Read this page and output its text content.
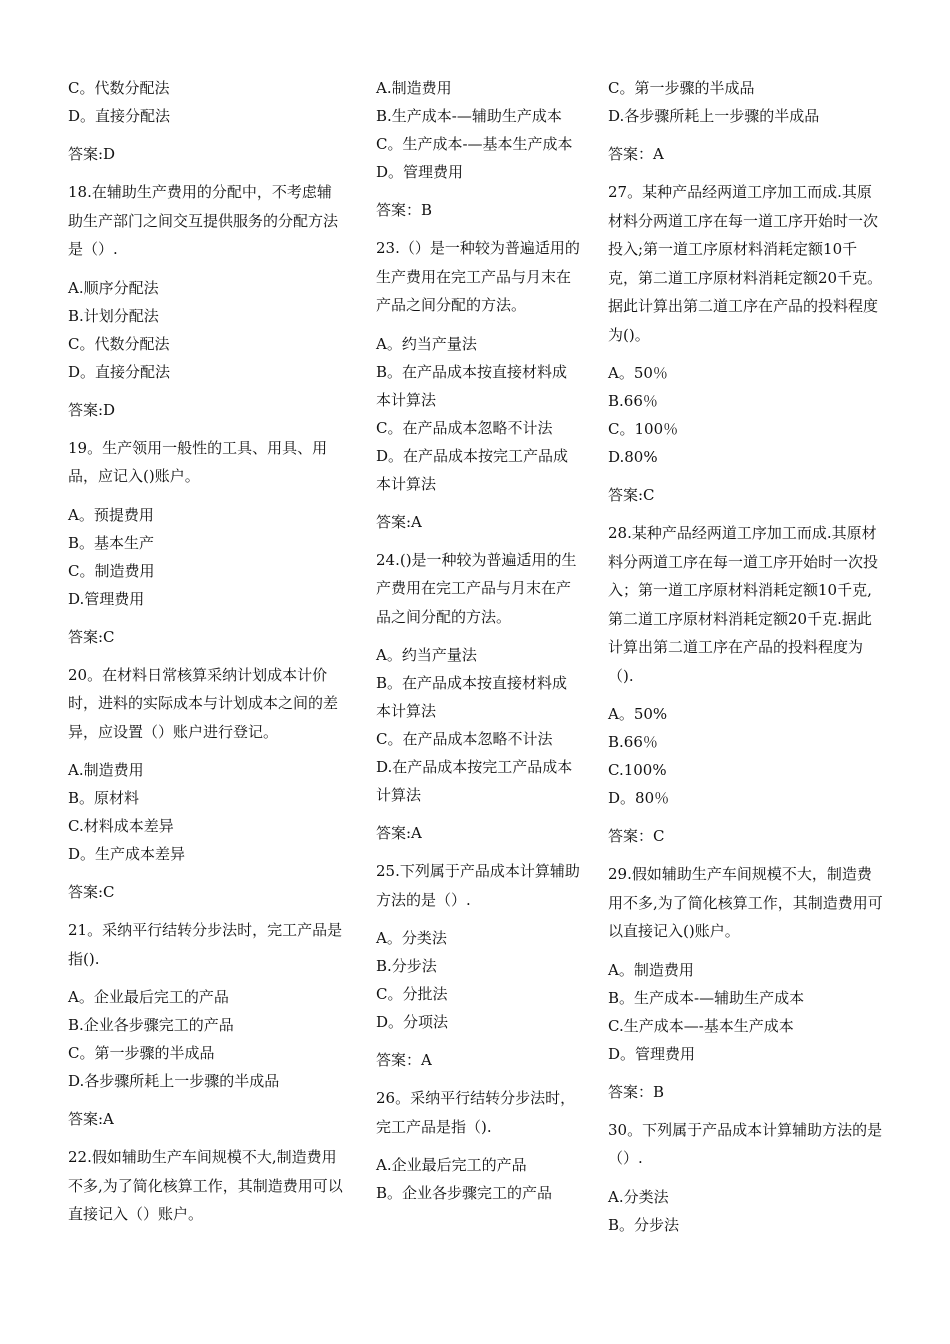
C。代数分配法
D。直接分配法
答案:D
18.在辅助生产费用的分配中，不考虑辅助生产部门之间交互提供服务的分配方法是（）.
A.顺序分配法
B.计划分配法
C。代数分配法
D。直接分配法
答案:D
19。生产领用一般性的工具、用具、用品，应记入()账户。
A。预提费用
B。基本生产
C。制造费用
D.管理费用
答案:C
20。在材料日常核算采纳计划成本计价时，进料的实际成本与计划成本之间的差异，应设置（）账户进行登记。
A.制造费用
B。原材料
C.材料成本差异
D。生产成本差异
答案:C
21。采纳平行结转分步法时，完工产品是指().
A。企业最后完工的产品
B.企业各步骤完工的产品
C。第一步骤的半成品
D.各步骤所耗上一步骤的半成品
答案:A
22.假如辅助生产车间规模不大,制造费用不多,为了简化核算工作，其制造费用可以直接记入（）账户。
A.制造费用
B.生产成本-—辅助生产成本
C。生产成本-—基本生产成本
D。管理费用
答案：B
23.（）是一种较为普遍适用的生产费用在完工产品与月末在产品之间分配的方法。
A。约当产量法
B。在产品成本按直接材料成本计算法
C。在产品成本忽略不计法
D。在产品成本按完工产品成本计算法
答案:A
24.()是一种较为普遍适用的生产费用在完工产品与月末在产品之间分配的方法。
A。约当产量法
B。在产品成本按直接材料成本计算法
C。在产品成本忽略不计法
D.在产品成本按完工产品成本计算法
答案:A
25.下列属于产品成本计算辅助方法的是（）.
A。分类法
B.分步法
C。分批法
D。分项法
答案：A
26。采纳平行结转分步法时，完工产品是指（).
A.企业最后完工的产品
B。企业各步骤完工的产品
C。第一步骤的半成品
D.各步骤所耗上一步骤的半成品
答案：A
27。某种产品经两道工序加工而成.其原材料分两道工序在每一道工序开始时一次投入;第一道工序原材料消耗定额10千克，第二道工序原材料消耗定额20千克。据此计算出第二道工序在产品的投料程度为()。
A。50％
B.66％
C。100％
D.80%
答案:C
28.某种产品经两道工序加工而成.其原材料分两道工序在每一道工序开始时一次投入；第一道工序原材料消耗定额10千克,第二道工序原材料消耗定额20千克.据此计算出第二道工序在产品的投料程度为（).
A。50%
B.66％
C.100%
D。80％
答案：C
29.假如辅助生产车间规模不大，制造费用不多,为了简化核算工作，其制造费用可以直接记入()账户。
A。制造费用
B。生产成本-—辅助生产成本
C.生产成本—-基本生产成本
D。管理费用
答案：B
30。下列属于产品成本计算辅助方法的是（）.
A.分类法
B。分步法
